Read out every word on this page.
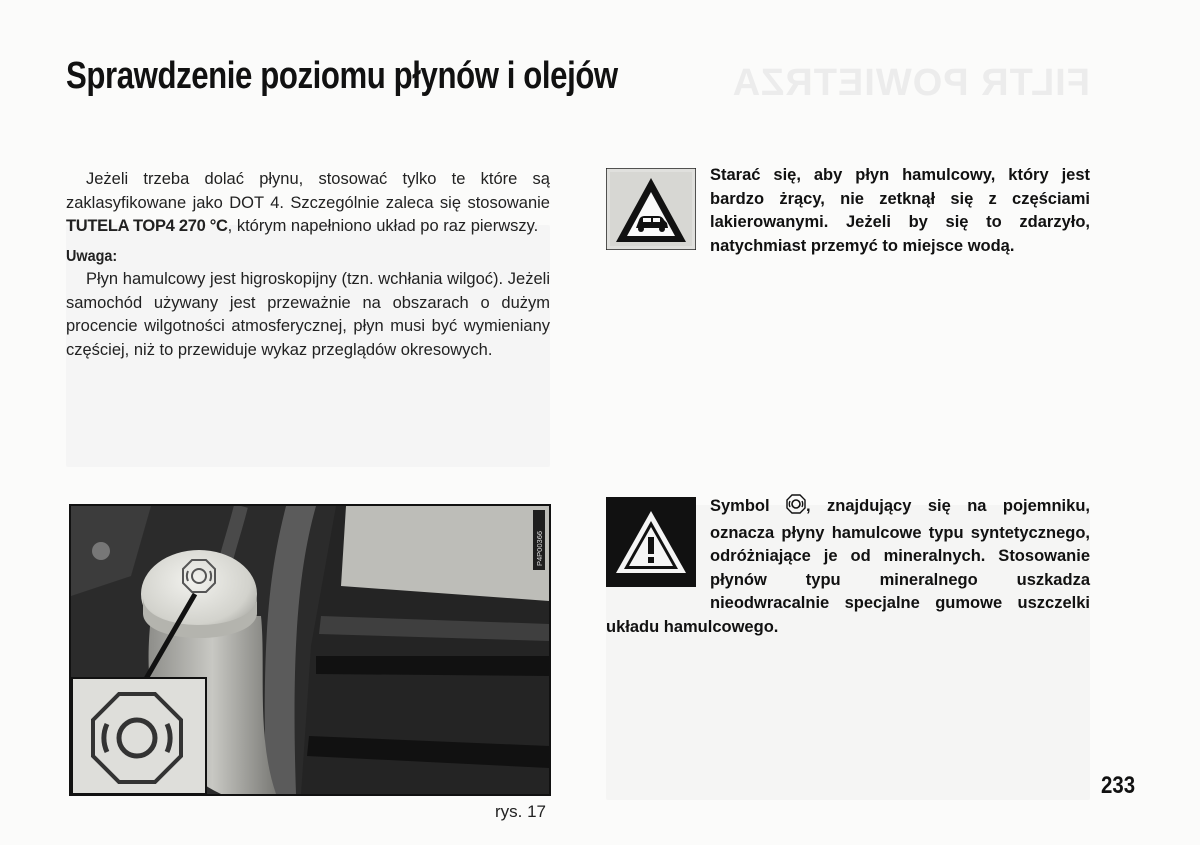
FILTR POWIETRZA
Sprawdzenie poziomu płynów i olejów

Jeżeli trzeba dolać płynu, stosować tylko te które są zaklasyfikowane jako DOT 4. Szczególnie zaleca się stosowanie TUTELA TOP4 270 °C, którym napełniono układ po raz pierwszy.

Uwaga:

Płyn hamulcowy jest higroskopijny (tzn. wchłania wilgoć). Jeżeli samochód używany jest przeważnie na obszarach o dużym procencie wilgotności atmosferycznej, płyn musi być wymieniany częściej, niż to przewiduje wykaz przeglądów okresowych.

P4P00366
rys. 17

Starać się, aby płyn hamulcowy, który jest bardzo żrący, nie zetknął się z częściami lakierowanymi. Jeżeli by się to zdarzyło, natychmiast przemyć to miejsce wodą.

Symbol , znajdujący się na pojemniku, oznacza płyny hamulcowe typu syntetycznego, odróżniające je od mineralnych. Stosowanie płynów typu mineralnego uszkadza nieodwracalnie specjalne gumowe uszczelki układu hamulcowego.

233
